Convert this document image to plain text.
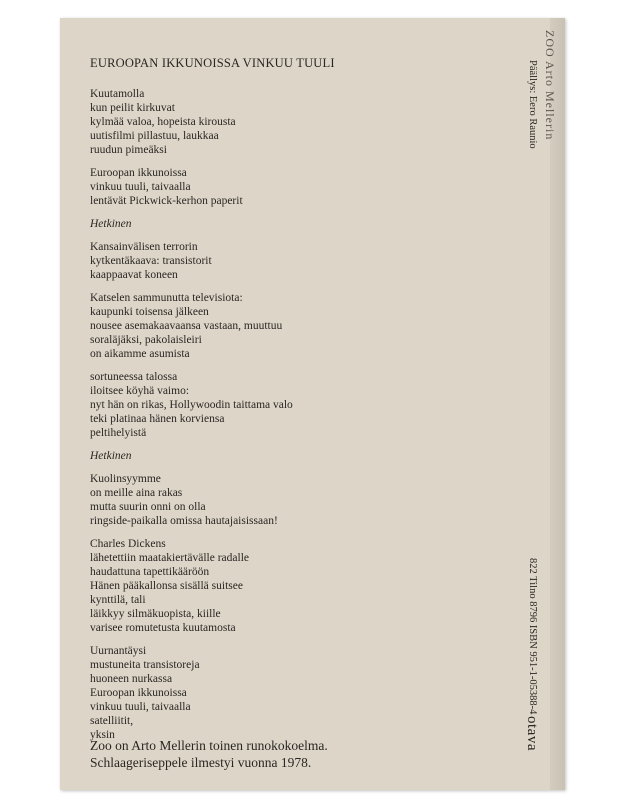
ZOO Arto Mellerin
EUROOPAN IKKUNOISSA VINKUU TUULI
Kuutamolla
kun peilit kirkuvat
kylmää valoa, hopeista kirousta
uutisfilmi pillastuu, laukkaa
ruudun pimeäksi
Euroopan ikkunoissa
vinkuu tuuli, taivaalla
lentävät Pickwick-kerhon paperit
Hetkinen
Kansainvälisen terrorin
kytkentäkaava: transistorit
kaappaavat koneen
Katselen sammunutta televisiota:
kaupunki toisensa jälkeen
nousee asemakaavaansa vastaan, muuttuu
soraläjäksi, pakolaisleiri
on aikamme asumista
sortuneessa talossa
iloitsee köyhä vaimo:
nyt hän on rikas, Hollywoodin taittama valo
teki platinaa hänen korviensa
peltihelyistä
Hetkinen
Kuolinsyymme
on meille aina rakas
mutta suurin onni on olla
ringside-paikalla omissa hautajaisissaan!
Charles Dickens
lähetettiin maatakiertävälle radalle
haudattuna tapettikääröön
Hänen pääkallonsa sisällä suitsee
kynttilä, tali
läikkyy silmäkuopista, kiille
varisee romutetusta kuutamosta
Uurnantäysi
mustuneita transistoreja
huoneen nurkassa
Euroopan ikkunoissa
vinkuu tuuli, taivaalla
satelliitit,
yksin
Zoo on Arto Mellerin toinen runokokoelma.
Schlaageriseppele ilmestyi vuonna 1978.
Päällys: Eero Raunio
822 Tilno 8796 ISBN 951-1-05388-4
otava
